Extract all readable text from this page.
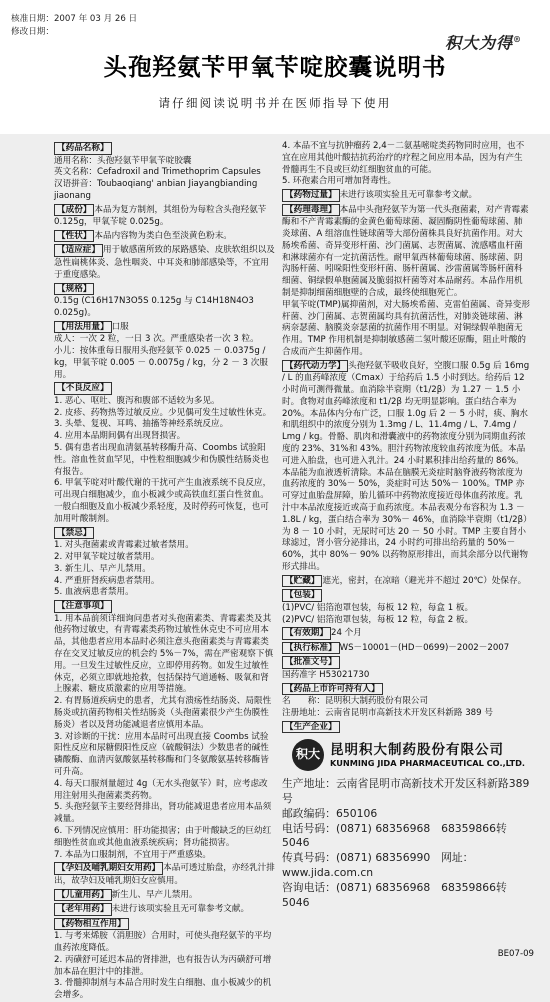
核准日期：2007 年 03 月 26 日
修改日期：
积大为得®
头孢羟氨苄甲氧苄啶胶囊说明书
请仔细阅读说明书并在医师指导下使用
【药品名称】
通用名称：头孢羟氨苄甲氧苄啶胶囊
英文名称：Cefadroxil and Trimethoprim Capsules
汉语拼音：Toubaoqiang' anbian Jiayangbianding jiaonang
【成份】 本品为复方制剂，其组份为每粒含头孢羟氨苄 0.125g，甲氧苄啶 0.025g。
【性状】 本品内容物为类白色至淡黄色粉末。
【适应症】 用于敏感菌所致的尿路感染、皮肤软组织以及急性扁桃体炎、急性咽炎、中耳炎和肺部感染等，不宜用于重度感染。
【规格】
0.15g (C16H17N3O5S 0.125g 与 C14H18N4O3 0.025g)。
【用法用量】 口服
成人：一次 2 粒，一日 3 次。严重感染者一次 3 粒。
小儿：按体重每日服用头孢羟氨苄 0.025 － 0.0375g / kg，甲氧苄啶 0.005 － 0.0075g / kg，分 2 － 3 次服用。
【不良反应】
1. 恶心、呕吐、腹泻和腹部不适较为多见。
2. 皮疹、药物热等过敏反应。少见偶可发生过敏性休克。
3. 头晕、复视、耳鸣、抽搐等神经系统反应。
4. 应用本品期间偶有出现肾损害。
5. 偶有患者出现血清氨基转移酶升高、Coombs 试验阳性。溶血性贫血罕见，中性粒细胞减少和伪膜性结肠炎也有报告。
6. 甲氧苄啶对叶酸代谢的干扰可产生血液系统不良反应，可出现白细胞减少，血小板减少或高铁血红蛋白性贫血。一般白细胞及血小板减少系轻度，及时停药可恢复，也可加用叶酸制剂。
【禁忌】
1. 对头孢菌素或青霉素过敏者禁用。
2. 对甲氧苄啶过敏者禁用。
3. 新生儿、早产儿禁用。
4. 严重肝肾疾病患者禁用。
5. 血液病患者禁用。
【注意事项】
1. 用本品前须详细询问患者对头孢菌素类、青霉素类及其他药物过敏史，有青霉素类药物过敏性休克史不可应用本品，其他患者应用本品时必须注意头孢菌素类与青霉素类存在交叉过敏反应的机会约 5%－7%，需在严密观察下慎用。一旦发生过敏性反应，立即停用药物。如发生过敏性休克，必须立即就地抢救，包括保持气道通畅、吸氧和肾上腺素、糖皮质激素的应用等措施。
2. 有胃肠道疾病史的患者，尤其有溃疡性结肠炎、局限性肠炎或抗菌药物相关性结肠炎（头孢菌素很少产生伪膜性肠炎）者以及肾功能减退者应慎用本品。
3. 对诊断的干扰：应用本品时可出现直接 Coombs 试验阳性反应和尿糖假阳性反应（硫酸铜法）少数患者的碱性磷酸酶、血清丙氨酸氨基转移酶和门冬氨酸氨基转移酶皆可升高。
4. 每天口服剂量超过 4g（无水头孢氨苄）时，应考虑改用注射用头孢菌素类药物。
5. 头孢羟氨苄主要经肾排出，肾功能减退患者应用本品须减量。
6. 下列情况应慎用：肝功能损害；由于叶酸缺乏的巨幼红细胞性贫血或其他血液系统疾病；肾功能损害。
7. 本品为口服制剂，不宜用于严重感染。
【孕妇及哺乳期妇女用药】 本品可透过胎盘，亦经乳汁排出，故孕妇及哺乳期妇女应慎用。
【儿童用药】 新生儿、早产儿禁用。
【老年用药】 未进行该项实验且无可靠参考文献。
【药物相互作用】
1. 与考来烯胺（消胆胺）合用时，可使头孢羟氨苄的平均血药浓度降低。
2. 丙磺舒可延迟本品的肾排泄，也有报告认为丙磺舒可增加本品在胆汁中的排泄。
3. 骨髓抑制剂与本品合用时发生白细胞、血小板减少的机会增多。
4. 本品不宜与抗肿瘤药 2,4－二氨基嘧啶类药物同时应用，也不宜在应用其他叶酸拮抗药治疗的疗程之间应用本品，因为有产生骨髓再生不良或巨幼红细胞贫血的可能。
5. 环孢素合用可增加肾毒性。
【药物过量】 未进行该项实验且无可靠参考文献。
【药理毒理】 本品中头孢羟氨苄为第一代头孢菌素，对产青霉素酶和不产青霉素酶的金黄色葡萄球菌、凝固酶阴性葡萄球菌、肺炎球菌、A 组溶血性链球菌等大部份菌株具良好抗菌作用。对大肠埃希菌、奇异变形杆菌、沙门菌属、志贺菌属、流感嗜血杆菌和淋球菌亦有一定抗菌活性。耐甲氧西林葡萄球菌、肠球菌、阴沟肠杆菌、吲哚阳性变形杆菌、肠杆菌属、沙雷菌属等肠杆菌科细菌、铜绿假单胞菌属及脆弱拟杆菌等对本品耐药。本品作用机制是抑制细菌细胞壁的合成，最终使细胞死亡。
甲氧苄啶(TMP)属抑菌剂，对大肠埃希菌、克雷伯菌属、奇异变形杆菌、沙门菌属、志贺菌属均具有抗菌活性，对肺炎链球菌、淋病奈瑟菌、脑膜炎奈瑟菌的抗菌作用不明显。对铜绿假单胞菌无作用。TMP 作用机制是抑制敏感菌二氢叶酸还原酶，阻止叶酸的合成而产生抑菌作用。
【药代动力学】 头孢羟氨苄吸收良好，空腹口服 0.5g 后 16mg / L 的血药峰浓度（Cmax）于给药后 1.5 小时到达。给药后 12 小时尚可测得微量。血消除半衰期（t1/2β）为 1.27 － 1.5 小时。食物对血药峰浓度和 t1/2β 均无明显影响。蛋白结合率为 20%。本品体内分布广泛，口服 1.0g 后 2 － 5 小时，痰、胸水和肌组织中的浓度分别为 1.3mg / L、11.4mg / L、7.4mg / Lmg / kg。骨骼、肌肉和滑囊液中的药物浓度分别为同期血药浓度的 23%、31%和 43%。胆汁药物浓度较血药浓度为低。本品可进入胎盘，也可进入乳汁。24 小时累积排出给药量的 86%。本品能为血液透析清除。本品在脑膜无炎症时脑脊液药物浓度为血药浓度的 30%－ 50%，炎症时可达 50%－ 100%。TMP 亦可穿过血胎盘屏障，胎儿循环中药物浓度接近母体血药浓度。乳汁中本品浓度接近或高于血药浓度。本品表观分布容积为 1.3 － 1.8L / kg，蛋白结合率为 30%－ 46%，血消除半衰期（t1/2β）为 8 － 10 小时，无尿时可达 20 － 50 小时。TMP 主要自肾小球滤过，肾小管分泌排出，24 小时约可排出给药量的 50%－ 60%，其中 80%－ 90% 以药物原形排出，而其余部分以代谢物形式排出。
【贮藏】 遮光，密封，在凉暗（避光并不超过 20℃）处保存。
【包装】
(1)PVC/ 铝箔泡罩包装，每板 12 粒，每盒 1 板。
(2)PVC/ 铝箔泡罩包装，每板 12 粒，每盒 2 板。
【有效期】 24 个月
【执行标准】 WS－10001－(HD－0699)－2002－2007
【批准文号】
国药准字 H53021730
【药品上市许可持有人】
名　　称：昆明积大制药股份有限公司
注册地址：云南省昆明市高新技术开发区科新路 389 号
【生产企业】
积大 昆明积大制药股份有限公司
KUNMING JIDA PHARMACEUTICAL CO.,LTD.
生产地址：云南省昆明市高新技术开发区科新路389号
邮政编码：650106
电话号码：(0871) 68356968　68359866转5046
传真号码：(0871) 68356990　网址：www.jida.com.cn
咨询电话：(0871) 68356968　68359866转5046
BE07-09
